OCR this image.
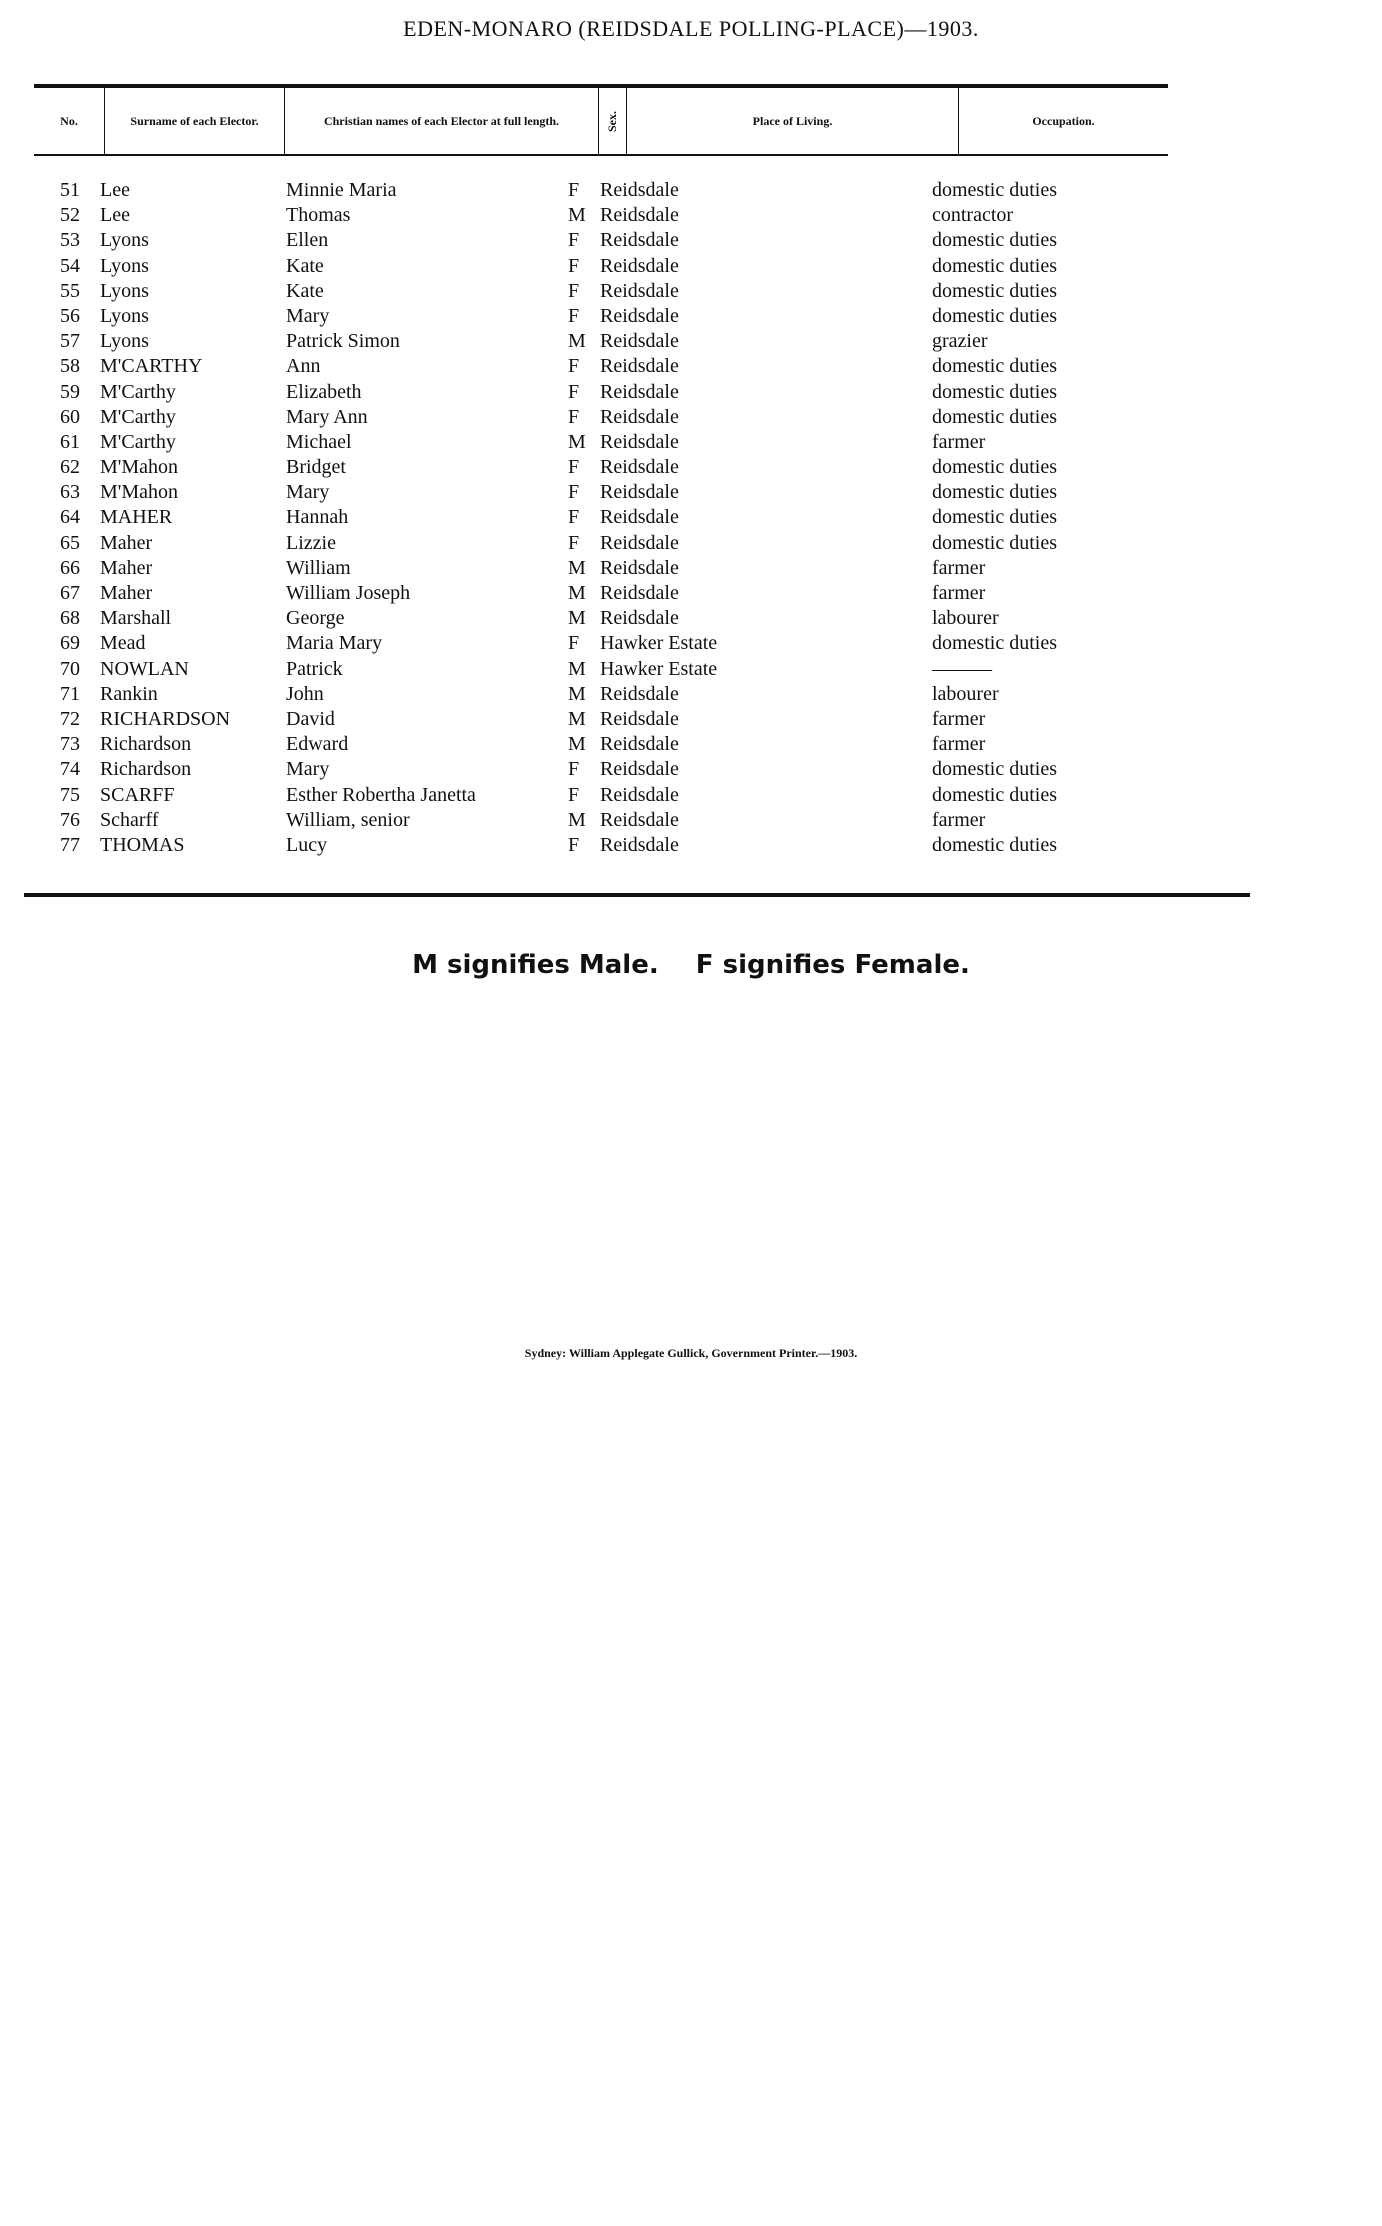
EDEN-MONARO (REIDSDALE POLLING-PLACE)—1903.
No.	Surname of each Elector.	Christian names of each Elector at full length.	Sex.	Place of Living.	Occupation.
51 Lee	Minnie Maria	F Reidsdale	domestic duties
52 Lee	Thomas	M Reidsdale	contractor
53 Lyons	Ellen	F Reidsdale	domestic duties
54 Lyons	Kate	F Reidsdale	domestic duties
55 Lyons	Kate	F Reidsdale	domestic duties
56 Lyons	Mary	F Reidsdale	domestic duties
57 Lyons	Patrick Simon	M Reidsdale	grazier
58 M'CARTHY	Ann	F Reidsdale	domestic duties
59 M'Carthy	Elizabeth	F Reidsdale	domestic duties
60 M'Carthy	Mary Ann	F Reidsdale	domestic duties
61 M'Carthy	Michael	M Reidsdale	farmer
62 M'Mahon	Bridget	F Reidsdale	domestic duties
63 M'Mahon	Mary	F Reidsdale	domestic duties
64 MAHER	Hannah	F Reidsdale	domestic duties
65 Maher	Lizzie	F Reidsdale	domestic duties
66 Maher	William	M Reidsdale	farmer
67 Maher	William Joseph	M Reidsdale	farmer
68 Marshall	George	M Reidsdale	labourer
69 Mead	Maria Mary	F Hawker Estate	domestic duties
70 NOWLAN	Patrick	M Hawker Estate	———
71 Rankin	John	M Reidsdale	labourer
72 RICHARDSON	David	M Reidsdale	farmer
73 Richardson	Edward	M Reidsdale	farmer
74 Richardson	Mary	F Reidsdale	domestic duties
75 SCARFF	Esther Robertha Janetta	F Reidsdale	domestic duties
76 Scharff	William, senior	M Reidsdale	farmer
77 THOMAS	Lucy	F Reidsdale	domestic duties
M signifies Male. F signifies Female.
Sydney: William Applegate Gullick, Government Printer.—1903.
